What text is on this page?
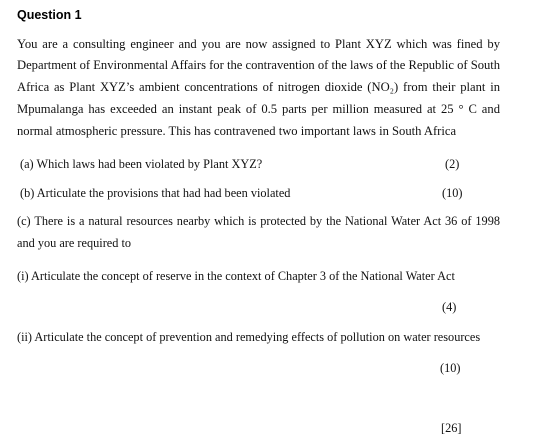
Question 1
You are a consulting engineer and you are now assigned to Plant XYZ which was fined by
Department of Environmental Affairs for the contravention of the laws of the Republic of South
Africa as Plant XYZ’s ambient concentrations of nitrogen dioxide (NO₂) from their plant in
Mpumalanga has exceeded an instant peak of 0.5 parts per million measured at 25 ° C and
normal atmospheric pressure. This has contravened two important laws in South Africa
(a) Which laws had been violated by Plant XYZ?	(2)
(b) Articulate the provisions that had had been violated	(10)
(c) There is a natural resources nearby which is protected by the National Water Act 36 of 1998
and you are required to
(i) Articulate the concept of reserve in the context of Chapter 3 of the National Water Act
(4)
(ii) Articulate the concept of prevention and remedying effects of pollution on water resources
(10)
[26]
